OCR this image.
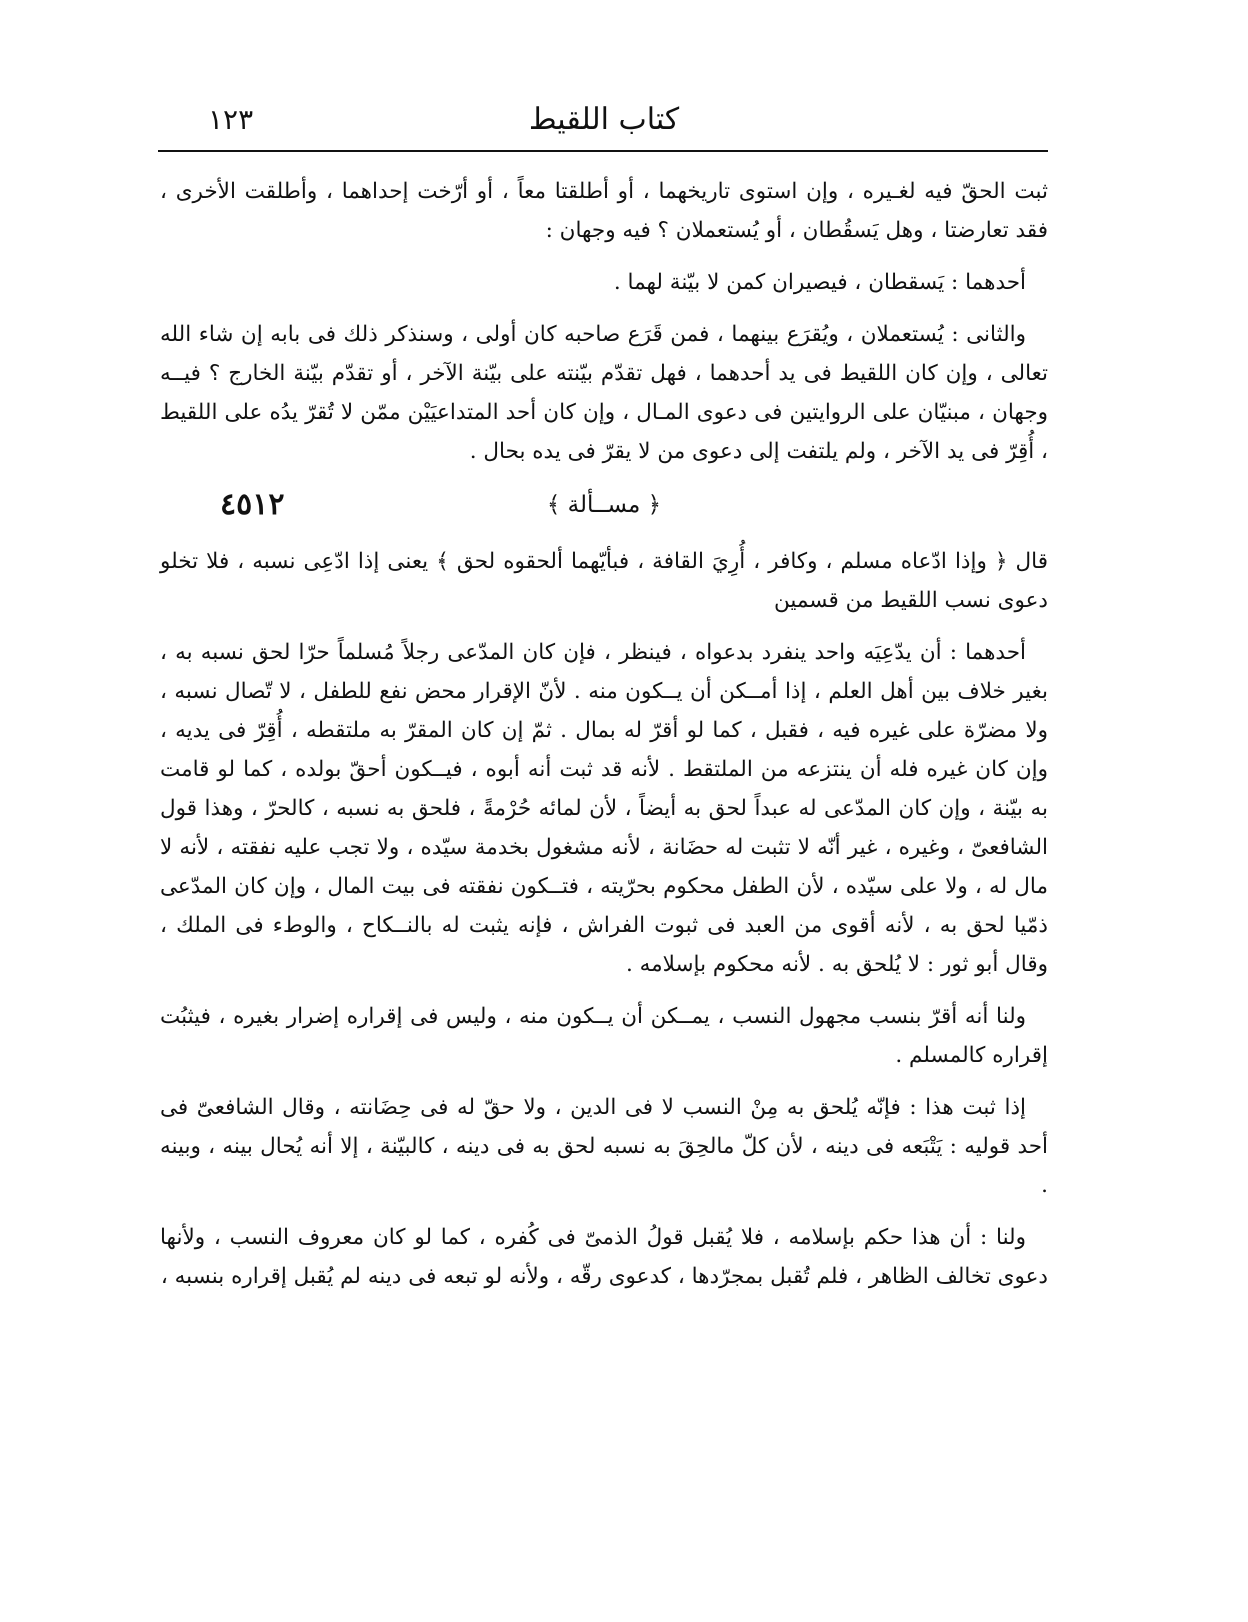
كتاب اللقيط
١٢٣

ثبت الحقّ فيه لغـيره ، وإن استوى تاريخهما ، أو أطلقتا معاً ، أو أرّخت إحداهما ، وأطلقت الأخرى ، فقد تعارضتا ، وهل يَسقُطان ، أو يُستعملان ؟ فيه وجهان :

أحدهما : يَسقطان ، فيصيران كمن لا بيّنة لهما .

والثانى : يُستعملان ، ويُقرَع بينهما ، فمن قَرَع صاحبه كان أولى ، وسنذكر ذلك فى بابه إن شاء الله تعالى ، وإن كان اللقيط فى يد أحدهما ، فهل تقدّم بيّنته على بيّنة الآخر ، أو تقدّم بيّنة الخارج ؟ فيــه وجهان ، مبنيّان على الروايتين فى دعوى المـال ، وإن كان أحد المتداعيَيْن ممّن لا تُقرّ يدُه على اللقيط ، أُقِرّ فى يد الآخر ، ولم يلتفت إلى دعوى من لا يقرّ فى يده بحال .

﴿ مســألة ﴾
٤٥١٢

قال ﴿ وإذا ادّعاه مسلم ، وكافر ، أُرِيَ القافة ، فبأيّهما ألحقوه لحق ﴾ يعنى إذا ادّعِى نسبه ، فلا تخلو دعوى نسب اللقيط من قسمين

أحدهما : أن يدّعِيَه واحد ينفرد بدعواه ، فينظر ، فإن كان المدّعى رجلاً مُسلماً حرّا لحق نسبه به ، بغير خلاف بين أهل العلم ، إذا أمــكن أن يــكون منه . لأنّ الإقرار محض نفع للطفل ، لا تّصال نسبه ، ولا مضرّة على غيره فيه ، فقبل ، كما لو أقرّ له بمال . ثمّ إن كان المقرّ به ملتقطه ، أُقِرّ فى يديه ، وإن كان غيره فله أن ينتزعه من الملتقط . لأنه قد ثبت أنه أبوه ، فيــكون أحقّ بولده ، كما لو قامت به بيّنة ، وإن كان المدّعى له عبداً لحق به أيضاً ، لأن لمائه حُرْمةً ، فلحق به نسبه ، كالحرّ ، وهذا قول الشافعىّ ، وغيره ، غير أنّه لا تثبت له حضَانة ، لأنه مشغول بخدمة سيّده ، ولا تجب عليه نفقته ، لأنه لا مال له ، ولا على سيّده ، لأن الطفل محكوم بحرّيته ، فتــكون نفقته فى بيت المال ، وإن كان المدّعى ذمّيا لحق به ، لأنه أقوى من العبد فى ثبوت الفراش ، فإنه يثبت له بالنــكاح ، والوطء فى الملك ، وقال أبو ثور : لا يُلحق به . لأنه محكوم بإسلامه .

ولنا أنه أقرّ بنسب مجهول النسب ، يمــكن أن يــكون منه ، وليس فى إقراره إضرار بغيره ، فيثبُت إقراره كالمسلم .

إذا ثبت هذا : فإنّه يُلحق به مِنْ النسب لا فى الدين ، ولا حقّ له فى حِضَانته ، وقال الشافعىّ فى أحد قوليه : يَتْبَعه فى دينه ، لأن كلّ مالحِقَ به نسبه لحق به فى دينه ، كالبيّنة ، إلا أنه يُحال بينه ، وبينه .

ولنا : أن هذا حكم بإسلامه ، فلا يُقبل قولُ الذمىّ فى كُفره ، كما لو كان معروف النسب ، ولأنها دعوى تخالف الظاهر ، فلم تُقبل بمجرّدها ، كدعوى رقّه ، ولأنه لو تبعه فى دينه لم يُقبل إقراره بنسبه ،
